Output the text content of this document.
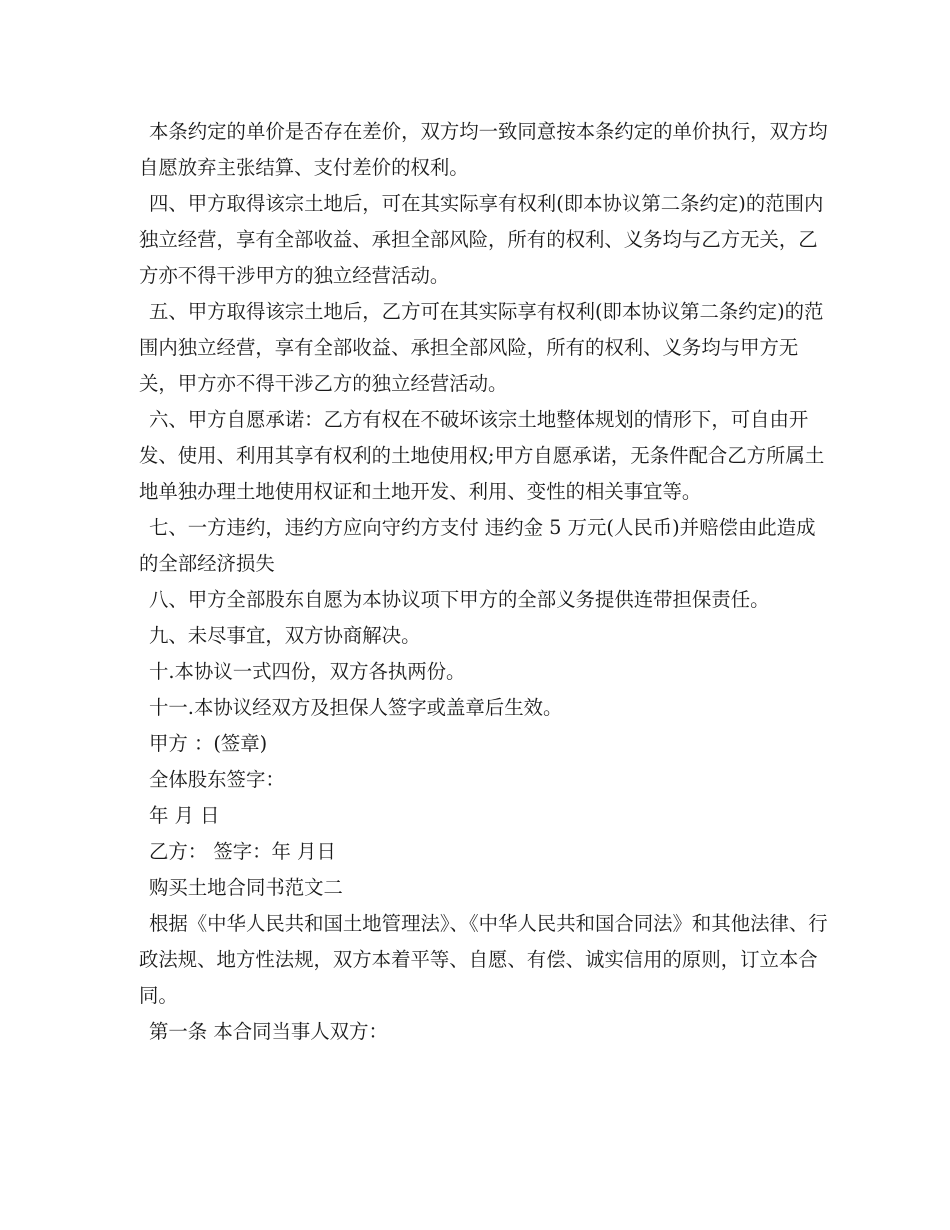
本条约定的单价是否存在差价，双方均一致同意按本条约定的单价执行，双方均自愿放弃主张结算、支付差价的权利。

四、甲方取得该宗土地后，可在其实际享有权利(即本协议第二条约定)的范围内独立经营，享有全部收益、承担全部风险，所有的权利、义务均与乙方无关，乙方亦不得干涉甲方的独立经营活动。

五、甲方取得该宗土地后，乙方可在其实际享有权利(即本协议第二条约定)的范围内独立经营，享有全部收益、承担全部风险，所有的权利、义务均与甲方无关，甲方亦不得干涉乙方的独立经营活动。

六、甲方自愿承诺：乙方有权在不破坏该宗土地整体规划的情形下，可自由开发、使用、利用其享有权利的土地使用权;甲方自愿承诺，无条件配合乙方所属土地单独办理土地使用权证和土地开发、利用、变性的相关事宜等。

七、一方违约，违约方应向守约方支付 违约金 5 万元(人民币)并赔偿由此造成的全部经济损失

八、甲方全部股东自愿为本协议项下甲方的全部义务提供连带担保责任。

九、未尽事宜，双方协商解决。

十.本协议一式四份，双方各执两份。

十一.本协议经双方及担保人签字或盖章后生效。

甲方 ：(签章)

全体股东签字：

年 月 日

乙方： 签字：年 月日

购买土地合同书范文二

根据《中华人民共和国土地管理法》、《中华人民共和国合同法》和其他法律、行政法规、地方性法规，双方本着平等、自愿、有偿、诚实信用的原则，订立本合同。

第一条 本合同当事人双方：
